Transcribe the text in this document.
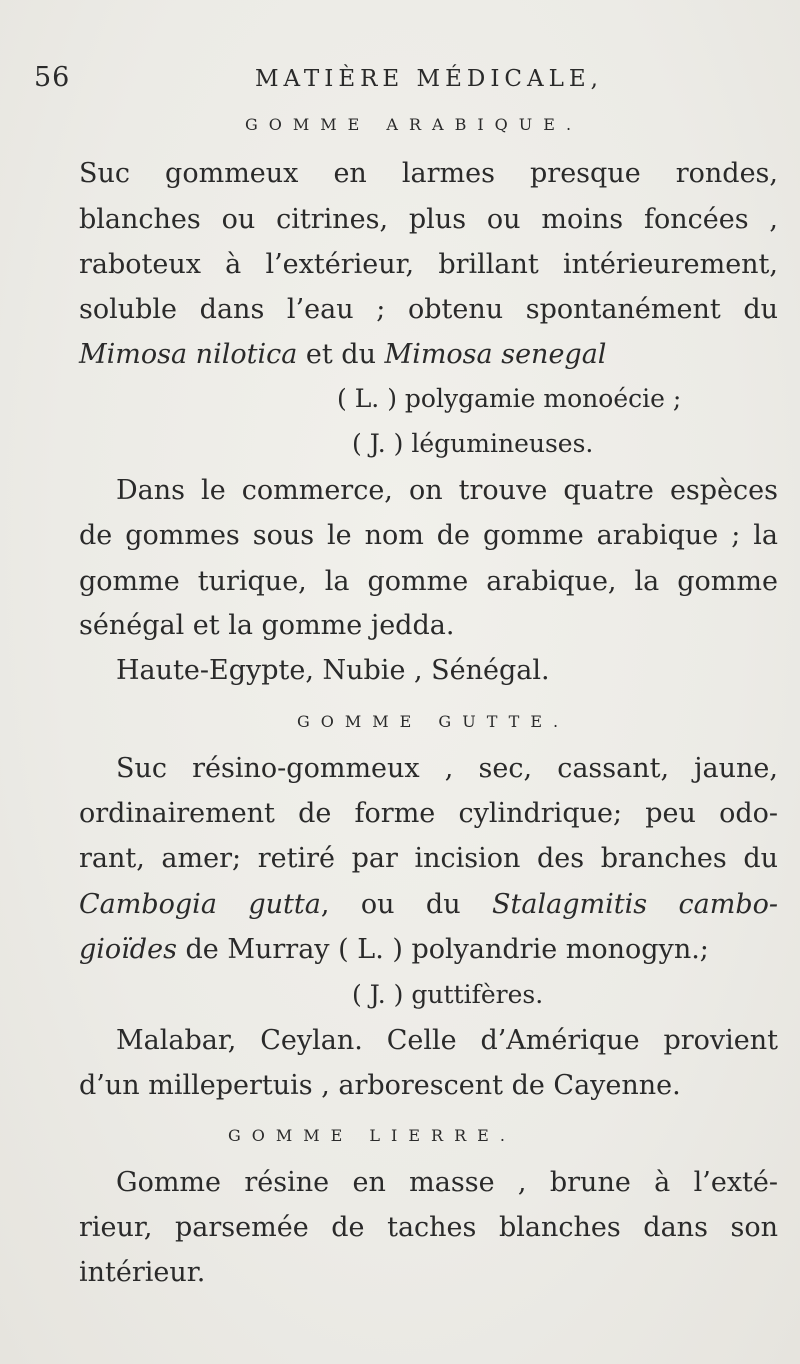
56	MATIÈRE MÉDICALE,
GOMME ARABIQUE.
Suc gommeux en larmes presque rondes,
blanches ou citrines, plus ou moins foncées ,
raboteux à l’extérieur, brillant intérieurement,
soluble dans l’eau ; obtenu spontanément du
Mimosa nilotica et du Mimosa senegal
( L. ) polygamie monoécie ;
( J. ) légumineuses.
Dans le commerce, on trouve quatre espèces
de gommes sous le nom de gomme arabique ; la
gomme turique, la gomme arabique, la gomme
sénégal et la gomme jedda.
Haute-Egypte, Nubie , Sénégal.
GOMME GUTTE.
Suc résino-gommeux , sec, cassant, jaune,
ordinairement de forme cylindrique; peu odo-
rant, amer; retiré par incision des branches du
Cambogia gutta, ou du Stalagmitis cambo-
gioïdes de Murray ( L. ) polyandrie monogyn.;
( J. ) guttifères.
Malabar, Ceylan. Celle d’Amérique provient
d’un millepertuis , arborescent de Cayenne.
GOMME LIERRE.
Gomme résine en masse , brune à l’exté-
rieur, parsemée de taches blanches dans son
intérieur.
